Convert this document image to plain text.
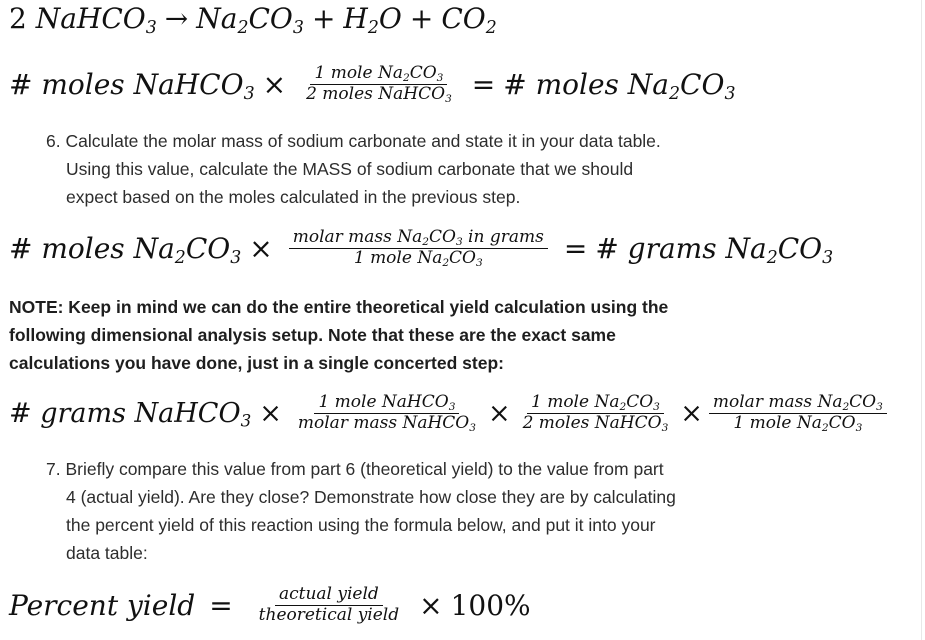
2
NaHCO$_3$ → $Na_2CO_3 + H_2O + CO_2$
# moles NaHCO$_3$ × $\frac{1 mole Na_2CO_3}{2 moles NaHCO_3}$ = # moles $Na_2CO_3$
6. Calculate the molar mass of sodium carbonate and state it in your data table.
Using this value, calculate the MASS of sodium carbonate that we should
expect based on the moles calculated in the previous step.
# moles $Na_2CO_3 \times \frac{molar mass Na_2CO_3 in grams}{1 mole Na_2CO_3}$ = # grams $Na_2CO_3$
NOTE: Keep in mind we can do the entire theoretical yield calculation using the
following dimensional analysis setup. Note that these are the exact same
calculations you have done, just in a single concerted step:
# grams NaHCO$_3$ × $\frac{1 mole NaHCO_3}{molar mass NaHCO_3} \times \frac{1 mole Na_2CO_3}{2 moles NaHCO_3} \times \frac{molar mass Na_2CO_3}{1 mole Na_2CO_3}$
7. Briefly compare this value from part 6 (theoretical yield) to the value from part
4 (actual yield). Are they close? Demonstrate how close they are by calculating
the percent yield of this reaction using the formula below, and put it into your
data table:
Percent yield = $\frac{\text{actual yield}}{\text{theoretical yield}} \times 100\%$
